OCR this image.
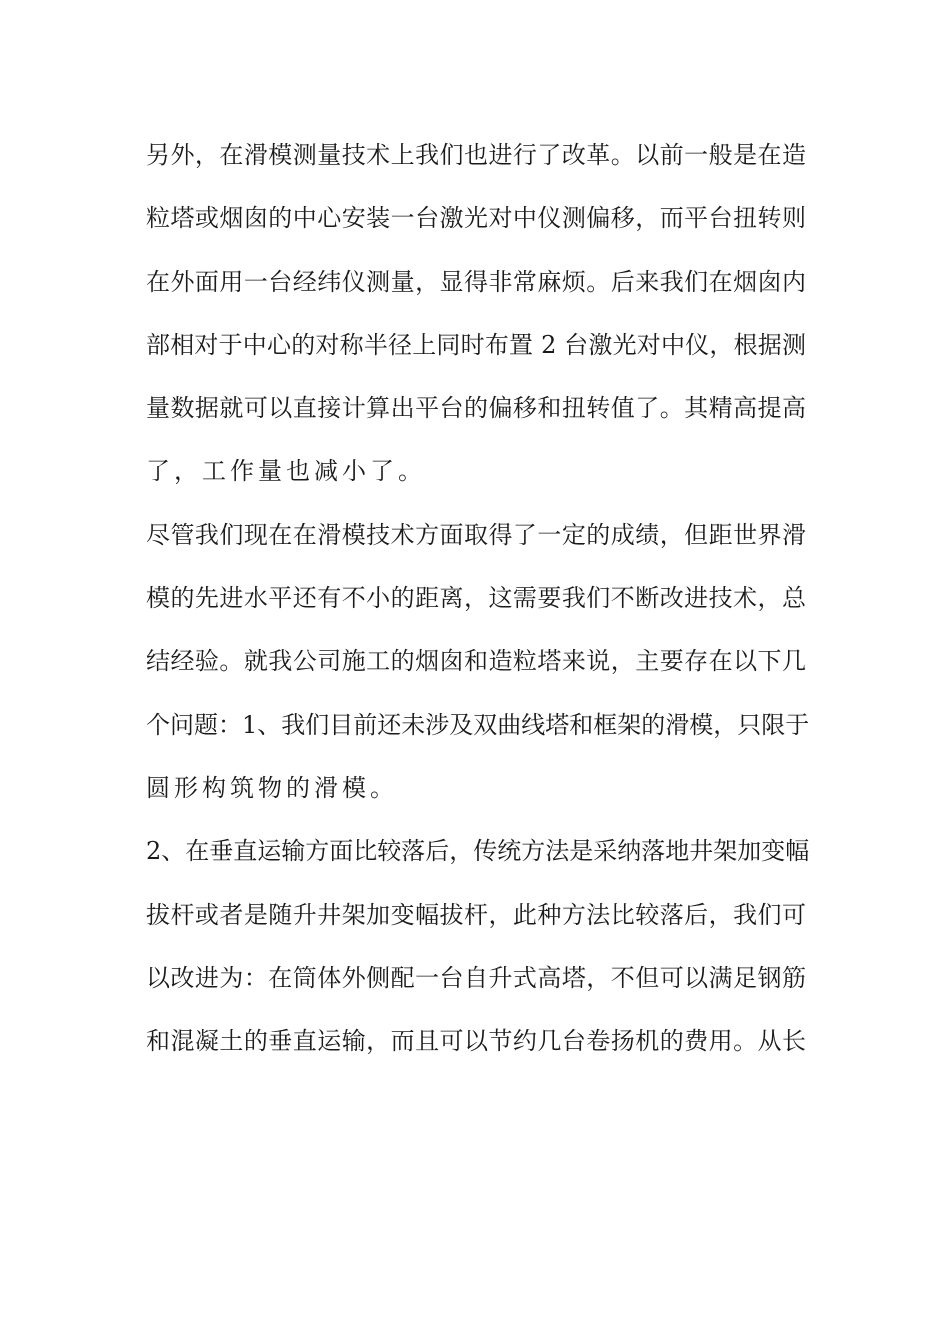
另外，在滑模测量技术上我们也进行了改革。以前一般是在造
粒塔或烟囱的中心安装一台激光对中仪测偏移，而平台扭转则
在外面用一台经纬仪测量，显得非常麻烦。后来我们在烟囱内
部相对于中心的对称半径上同时布置 2 台激光对中仪，根据测
量数据就可以直接计算出平台的偏移和扭转值了。其精高提高
了，工作量也减小了。
尽管我们现在在滑模技术方面取得了一定的成绩，但距世界滑
模的先进水平还有不小的距离，这需要我们不断改进技术，总
结经验。就我公司施工的烟囱和造粒塔来说，主要存在以下几
个问题：1、我们目前还未涉及双曲线塔和框架的滑模，只限于
圆形构筑物的滑模。
2、在垂直运输方面比较落后，传统方法是采纳落地井架加变幅
拔杆或者是随升井架加变幅拔杆，此种方法比较落后，我们可
以改进为：在筒体外侧配一台自升式高塔，不但可以满足钢筋
和混凝土的垂直运输，而且可以节约几台卷扬机的费用。从长
